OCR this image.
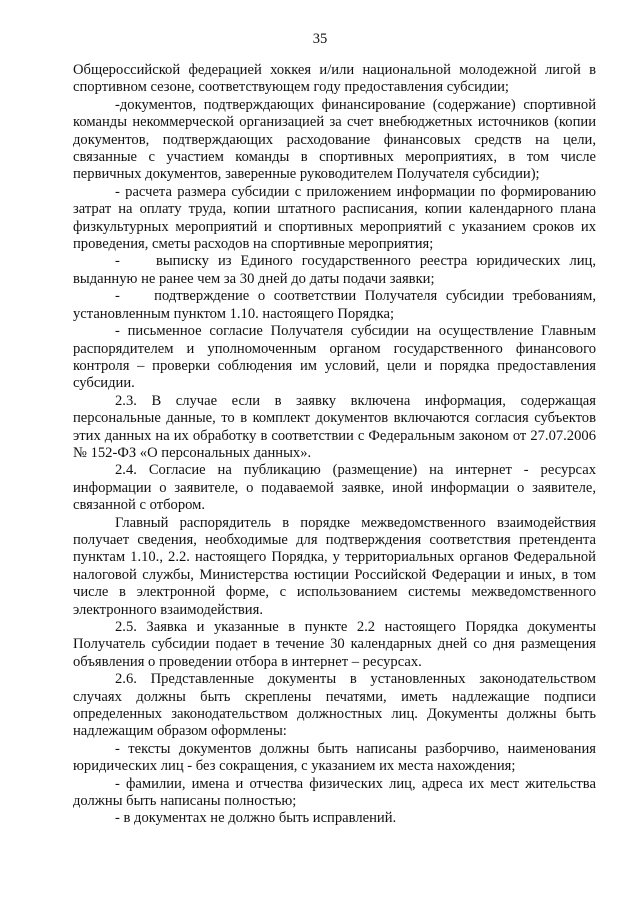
35

Общероссийской федерацией хоккея и/или национальной молодежной лигой в спортивном сезоне, соответствующем году предоставления субсидии;

-документов, подтверждающих финансирование (содержание) спортивной команды некоммерческой организацией за счет внебюджетных источников (копии документов, подтверждающих расходование финансовых средств на цели, связанные с участием команды в спортивных мероприятиях, в том числе первичных документов, заверенные руководителем Получателя субсидии);

- расчета размера субсидии с приложением информации по формированию затрат на оплату труда, копии штатного расписания, копии календарного плана физкультурных мероприятий и спортивных мероприятий с указанием сроков их проведения, сметы расходов на спортивные мероприятия;

-    выписку из Единого государственного реестра юридических лиц, выданную не ранее чем за 30 дней до даты подачи заявки;

-    подтверждение о соответствии Получателя субсидии требованиям, установленным пунктом 1.10. настоящего Порядка;

- письменное согласие Получателя субсидии на осуществление Главным распорядителем и уполномоченным органом государственного финансового контроля – проверки соблюдения им условий, цели и порядка предоставления субсидии.

2.3. В случае если в заявку включена информация, содержащая персональные данные, то в комплект документов включаются согласия субъектов этих данных на их обработку в соответствии с Федеральным законом от 27.07.2006 № 152-ФЗ «О персональных данных».

2.4. Согласие на публикацию (размещение) на интернет - ресурсах информации о заявителе, о подаваемой заявке, иной информации о заявителе, связанной с отбором.

Главный распорядитель в порядке межведомственного взаимодействия получает сведения, необходимые для подтверждения соответствия претендента пунктам 1.10., 2.2. настоящего Порядка, у территориальных органов Федеральной налоговой службы, Министерства юстиции Российской Федерации и иных, в том числе в электронной форме, с использованием системы межведомственного электронного взаимодействия.

2.5. Заявка и указанные в пункте 2.2 настоящего Порядка документы Получатель субсидии подает в течение 30 календарных дней со дня размещения объявления о проведении отбора в интернет – ресурсах.

2.6. Представленные документы в установленных законодательством случаях должны быть скреплены печатями, иметь надлежащие подписи определенных законодательством должностных лиц. Документы должны быть надлежащим образом оформлены:

- тексты документов должны быть написаны разборчиво, наименования юридических лиц - без сокращения, с указанием их места нахождения;

- фамилии, имена и отчества физических лиц, адреса их мест жительства должны быть написаны полностью;

- в документах не должно быть исправлений.
